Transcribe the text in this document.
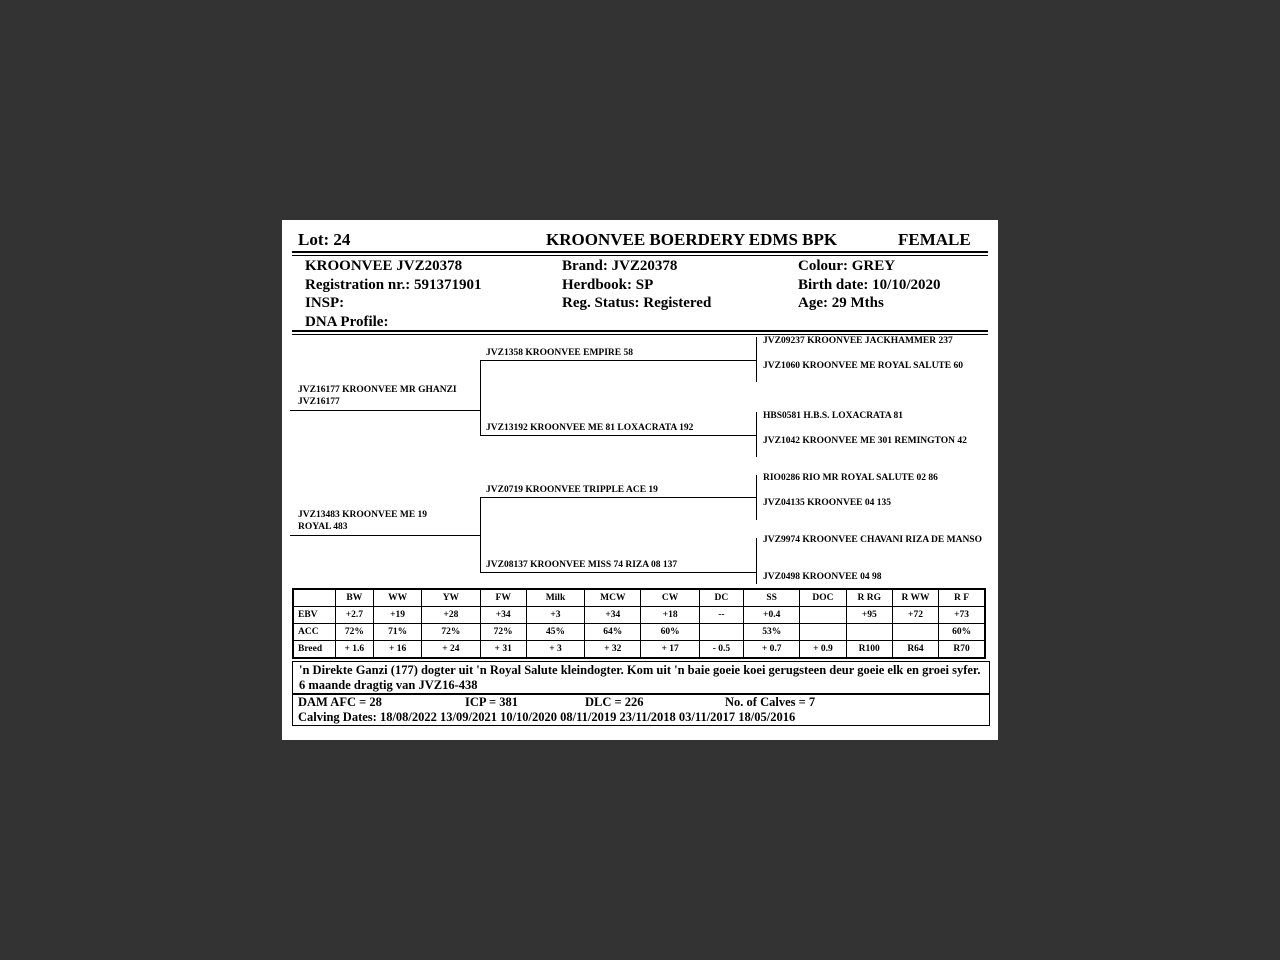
Lot: 24	KROONVEE BOERDERY EDMS BPK	FEMALE
KROONVEE JVZ20378
Registration nr.: 591371901
INSP:
DNA Profile:
Brand: JVZ20378
Herdbook: SP
Reg. Status: Registered
Colour: GREY
Birth date: 10/10/2020
Age: 29 Mths
JVZ16177 KROONVEE MR GHANZI JVZ16177
JVZ13483 KROONVEE ME 19 ROYAL 483
JVZ1358 KROONVEE EMPIRE 58
JVZ13192 KROONVEE ME 81 LOXACRATA 192
JVZ0719 KROONVEE TRIPPLE ACE 19
JVZ08137 KROONVEE MISS 74 RIZA 08 137
JVZ09237 KROONVEE JACKHAMMER 237
JVZ1060 KROONVEE ME ROYAL SALUTE 60
HBS0581 H.B.S. LOXACRATA 81
JVZ1042 KROONVEE ME 301 REMINGTON 42
RIO0286 RIO MR ROYAL SALUTE 02 86
JVZ04135 KROONVEE 04 135
JVZ9974 KROONVEE CHAVANI RIZA DE MANSO
JVZ0498 KROONVEE 04 98
	BW	WW	YW	FW	Milk	MCW	CW	DC	SS	DOC	R RG	R WW	R F
EBV	+2.7	+19	+28	+34	+3	+34	+18	--	+0.4		+95	+72	+73
ACC	72%	71%	72%	72%	45%	64%	60%		53%				60%
Breed	+ 1.6	+ 16	+ 24	+ 31	+ 3	+ 32	+ 17	- 0.5	+ 0.7	+ 0.9	R100	R64	R70
'n Direkte Ganzi (177) dogter uit 'n Royal Salute kleindogter. Kom uit 'n baie goeie koei gerugsteen deur goeie elk en groei syfer. 6 maande dragtig van JVZ16-438
DAM AFC = 28	ICP = 381	DLC = 226	No. of Calves = 7
Calving Dates: 18/08/2022 13/09/2021 10/10/2020 08/11/2019 23/11/2018 03/11/2017 18/05/2016
